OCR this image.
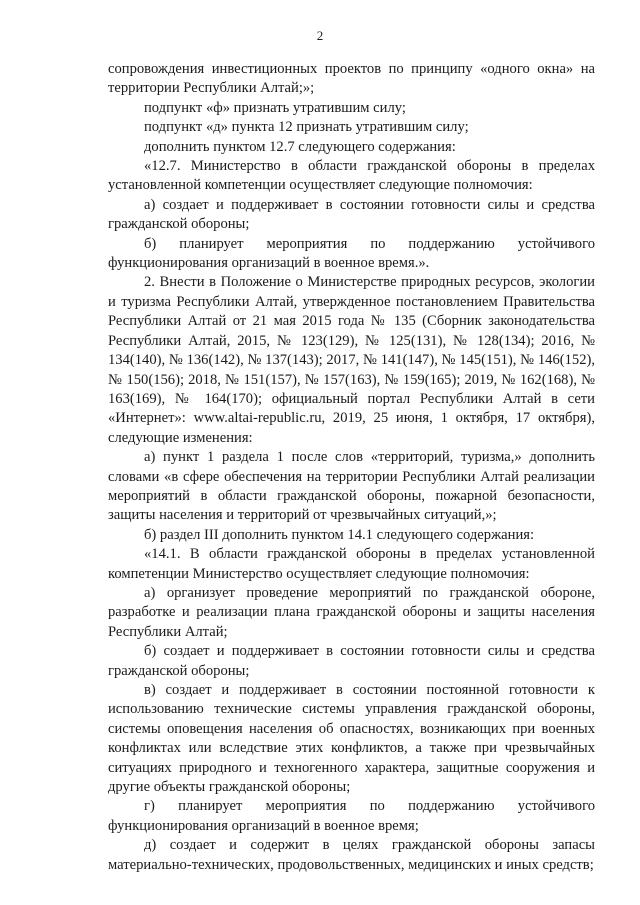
2

сопровождения инвестиционных проектов по принципу «одного окна» на территории Республики Алтай;»;

подпункт «ф» признать утратившим силу;

подпункт «д» пункта 12 признать утратившим силу;

дополнить пунктом 12.7 следующего содержания:

«12.7. Министерство в области гражданской обороны в пределах установленной компетенции осуществляет следующие полномочия:

а) создает и поддерживает в состоянии готовности силы и средства гражданской обороны;

б) планирует мероприятия по поддержанию устойчивого функционирования организаций в военное время.».

2. Внести в Положение о Министерстве природных ресурсов, экологии и туризма Республики Алтай, утвержденное постановлением Правительства Республики Алтай от 21 мая 2015 года № 135 (Сборник законодательства Республики Алтай, 2015, № 123(129), № 125(131), № 128(134); 2016, № 134(140), № 136(142), № 137(143); 2017, № 141(147), № 145(151), № 146(152), № 150(156); 2018, № 151(157), № 157(163), № 159(165); 2019, № 162(168), № 163(169), № 164(170); официальный портал Республики Алтай в сети «Интернет»: www.altai-republic.ru, 2019, 25 июня, 1 октября, 17 октября), следующие изменения:

а) пункт 1 раздела 1 после слов «территорий, туризма,» дополнить словами «в сфере обеспечения на территории Республики Алтай реализации мероприятий в области гражданской обороны, пожарной безопасности, защиты населения и территорий от чрезвычайных ситуаций,»;

б) раздел III дополнить пунктом 14.1 следующего содержания:

«14.1. В области гражданской обороны в пределах установленной компетенции Министерство осуществляет следующие полномочия:

а) организует проведение мероприятий по гражданской обороне, разработке и реализации плана гражданской обороны и защиты населения Республики Алтай;

б) создает и поддерживает в состоянии готовности силы и средства гражданской обороны;

в) создает и поддерживает в состоянии постоянной готовности к использованию технические системы управления гражданской обороны, системы оповещения населения об опасностях, возникающих при военных конфликтах или вследствие этих конфликтов, а также при чрезвычайных ситуациях природного и техногенного характера, защитные сооружения и другие объекты гражданской обороны;

г) планирует мероприятия по поддержанию устойчивого функционирования организаций в военное время;

д) создает и содержит в целях гражданской обороны запасы материально-технических, продовольственных, медицинских и иных средств;
